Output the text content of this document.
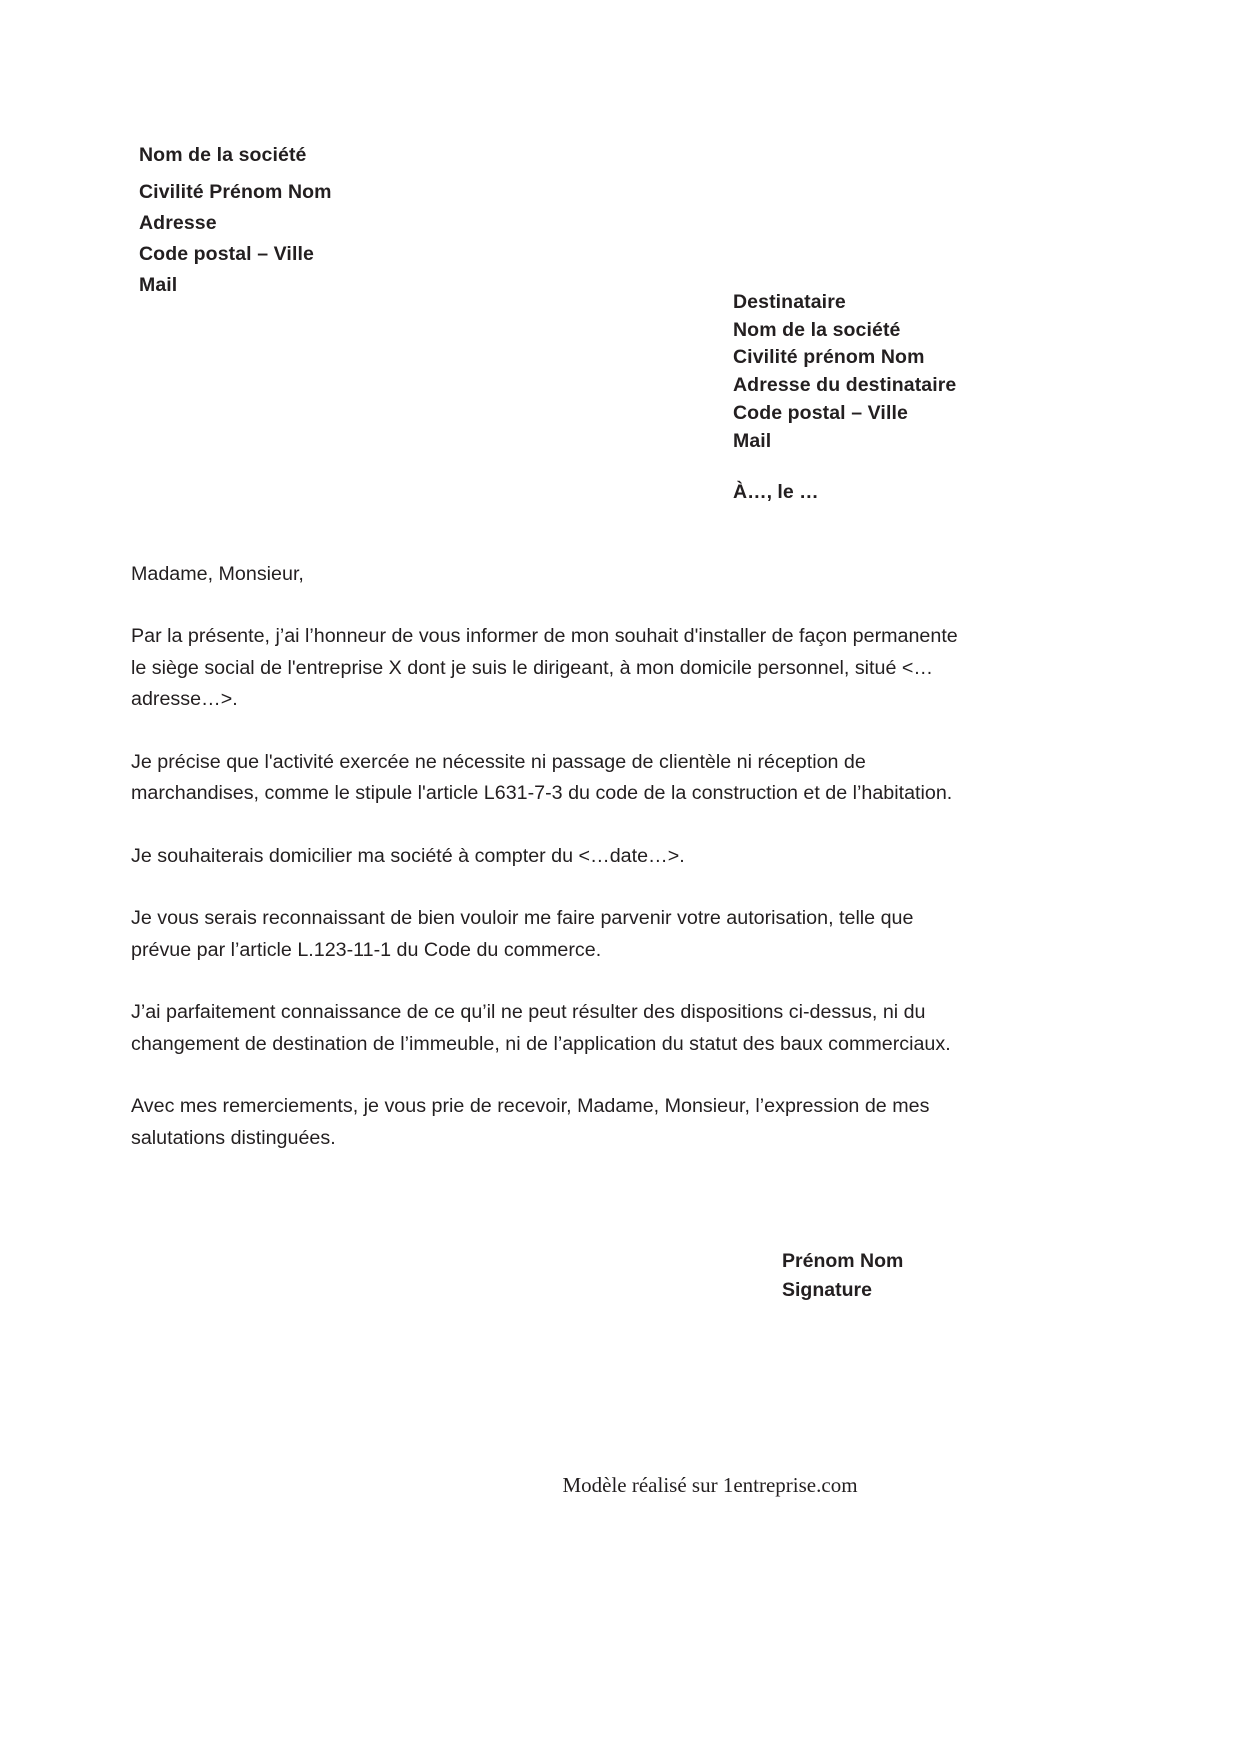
Nom de la société
Civilité Prénom Nom
Adresse
Code postal – Ville
Mail
Destinataire
Nom de la société
Civilité prénom Nom
Adresse du destinataire
Code postal – Ville
Mail
À…, le …

Madame, Monsieur,

Par la présente, j’ai l’honneur de vous informer de mon souhait d'installer de façon permanente le siège social de l'entreprise X dont je suis le dirigeant, à mon domicile personnel, situé <…adresse…>.

Je précise que l'activité exercée ne nécessite ni passage de clientèle ni réception de marchandises, comme le stipule l'article L631-7-3 du code de la construction et de l’habitation.

Je souhaiterais domicilier ma société à compter du <…date…>.

Je vous serais reconnaissant de bien vouloir me faire parvenir votre autorisation, telle que prévue par l’article L.123-11-1 du Code du commerce.

J’ai parfaitement connaissance de ce qu’il ne peut résulter des dispositions ci-dessus, ni du changement de destination de l’immeuble, ni de l’application du statut des baux commerciaux.

Avec mes remerciements, je vous prie de recevoir, Madame, Monsieur, l’expression de mes salutations distinguées.

Prénom Nom
Signature
Modèle réalisé sur 1entreprise.com
